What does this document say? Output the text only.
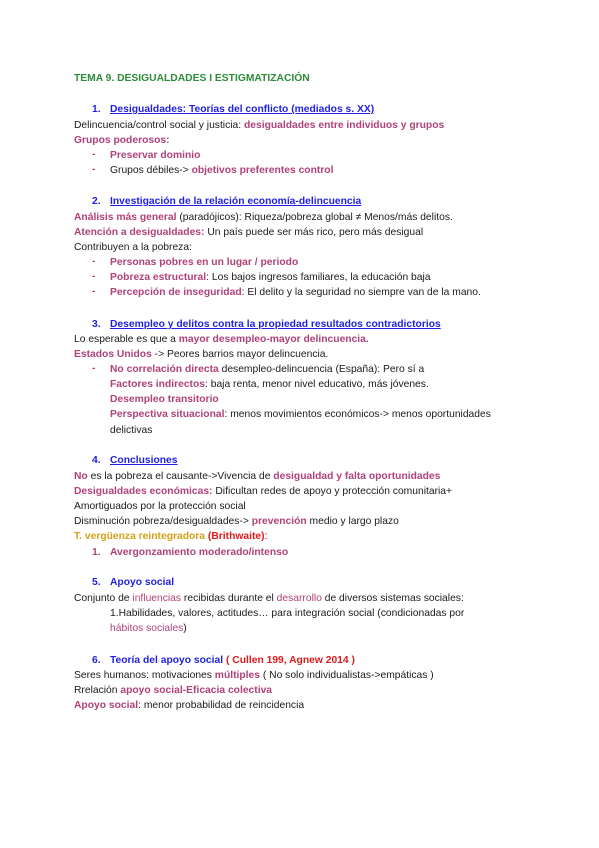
TEMA 9. DESIGUALDADES I ESTIGMATIZACIÓN
1. Desigualdades: Teorías del conflicto (mediados s. XX)
Delincuencia/control social y justicia: desigualdades entre individuos y grupos
Grupos poderosos:
- Preservar dominio
- Grupos débiles-> objetivos preferentes control
2. Investigación de la relación economía-delincuencia
Análisis más general (paradójicos): Riqueza/pobreza global ≠ Menos/más delitos.
Atención a desigualdades: Un país puede ser más rico, pero más desigual
Contribuyen a la pobreza:
- Personas pobres en un lugar / periodo
- Pobreza estructural: Los bajos ingresos familiares, la educación baja
- Percepción de inseguridad: El delito y la seguridad no siempre van de la mano.
3. Desempleo y delitos contra la propiedad resultados contradictorios
Lo esperable es que a mayor desempleo-mayor delincuencia.
Estados Unidos -> Peores barrios mayor delincuencia.
- No correlación directa desempleo-delincuencia (España): Pero sí a
Factores indirectos: baja renta, menor nivel educativo, más jóvenes.
Desempleo transitorio
Perspectiva situacional: menos movimientos económicos-> menos oportunidades
delictivas
4. Conclusiones
No es la pobreza el causante->Vivencia de desigualdad y falta oportunidades
Desigualdades económicas: Dificultan redes de apoyo y protección comunitaria+
Amortiguados por la protección social
Disminución pobreza/desigualdades-> prevención medio y largo plazo
T. vergüenza reintegradora (Brithwaite):
1. Avergonzamiento moderado/intenso
5. Apoyo social
Conjunto de influencias recibidas durante el desarrollo de diversos sistemas sociales:
1.Habilidades, valores, actitudes… para integración social (condicionadas por
hábitos sociales)
6. Teoría del apoyo social ( Cullen 199, Agnew 2014 )
Seres humanos: motivaciones múltiples ( No solo individualistas->empáticas )
Rrelación apoyo social-Eficacia colectiva
Apoyo social: menor probabilidad de reincidencia
